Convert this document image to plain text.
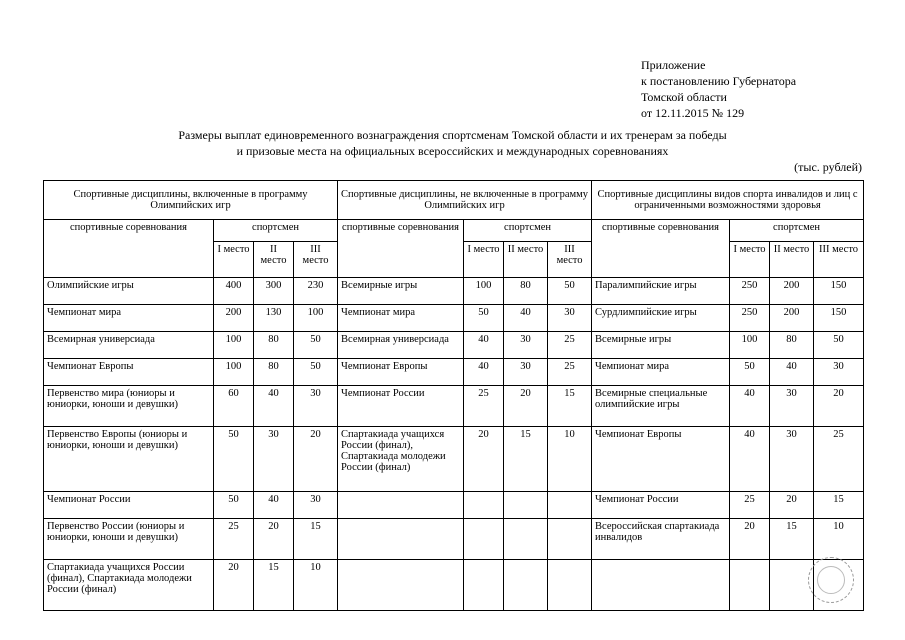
Приложение
к постановлению Губернатора
Томской области
от 12.11.2015 № 129
Размеры выплат единовременного вознаграждения спортсменам Томской области и их тренерам за победы
и призовые места на официальных всероссийских и международных соревнованиях
(тыс. рублей)
Спортивные дисциплины, включенные в программу Олимпийских игр				Спортивные дисциплины, не включенные в программу Олимпийских игр				Спортивные дисциплины видов спорта инвалидов и лиц с ограниченными возможностями здоровья			
спортивные соревнования	спортсмен			спортивные соревнования	спортсмен			спортивные соревнования	спортсмен		
	I место	II место	III место		I место	II место	III место		I место	II место	III место
Олимпийские игры	400	300	230	Всемирные игры	100	80	50	Паралимпийские игры	250	200	150
Чемпионат мира	200	130	100	Чемпионат мира	50	40	30	Сурдлимпийские игры	250	200	150
Всемирная универсиада	100	80	50	Всемирная универсиада	40	30	25	Всемирные игры	100	80	50
Чемпионат Европы	100	80	50	Чемпионат Европы	40	30	25	Чемпионат мира	50	40	30
Первенство мира (юниоры и юниорки, юноши и девушки)	60	40	30	Чемпионат России	25	20	15	Всемирные специальные олимпийские игры	40	30	20
Первенство Европы (юниоры и юниорки, юноши и девушки)	50	30	20	Спартакиада учащихся России (финал), Спартакиада молодежи России (финал)	20	15	10	Чемпионат Европы	40	30	25
Чемпионат России	50	40	30					Чемпионат России	25	20	15
Первенство России (юниоры и юниорки, юноши и девушки)	25	20	15					Всероссийская спартакиада инвалидов	20	15	10
Спартакиада учащихся России (финал), Спартакиада молодежи России (финал)	20	15	10								
